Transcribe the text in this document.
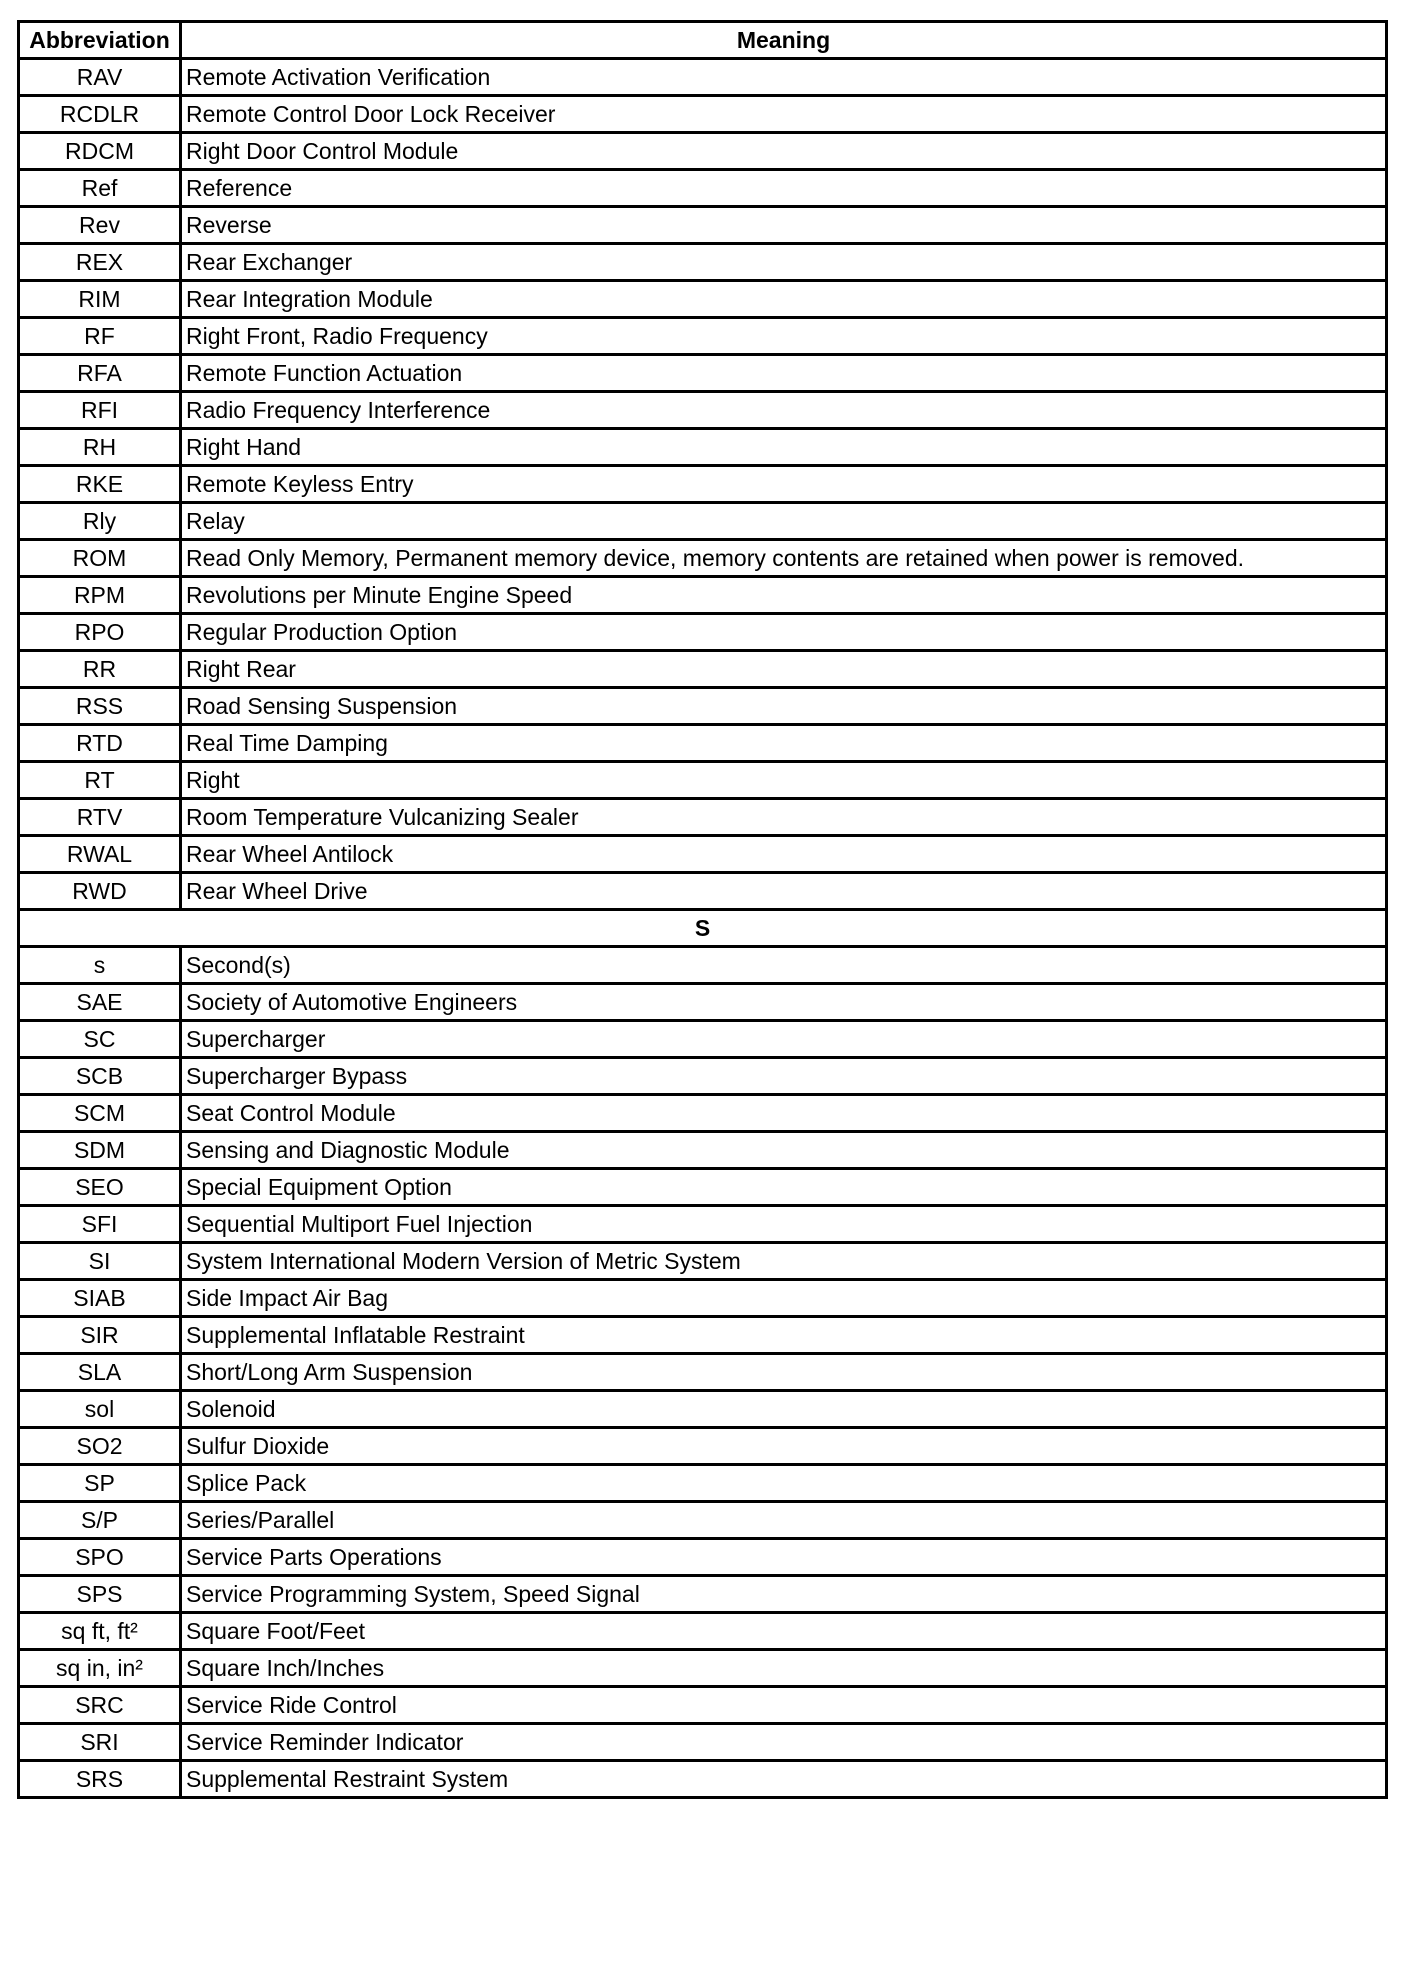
Abbreviation	Meaning
RAV	Remote Activation Verification
RCDLR	Remote Control Door Lock Receiver
RDCM	Right Door Control Module
Ref	Reference
Rev	Reverse
REX	Rear Exchanger
RIM	Rear Integration Module
RF	Right Front, Radio Frequency
RFA	Remote Function Actuation
RFI	Radio Frequency Interference
RH	Right Hand
RKE	Remote Keyless Entry
Rly	Relay
ROM	Read Only Memory, Permanent memory device, memory contents are retained when power is removed.
RPM	Revolutions per Minute Engine Speed
RPO	Regular Production Option
RR	Right Rear
RSS	Road Sensing Suspension
RTD	Real Time Damping
RT	Right
RTV	Room Temperature Vulcanizing Sealer
RWAL	Rear Wheel Antilock
RWD	Rear Wheel Drive
S	
s	Second(s)
SAE	Society of Automotive Engineers
SC	Supercharger
SCB	Supercharger Bypass
SCM	Seat Control Module
SDM	Sensing and Diagnostic Module
SEO	Special Equipment Option
SFI	Sequential Multiport Fuel Injection
SI	System International Modern Version of Metric System
SIAB	Side Impact Air Bag
SIR	Supplemental Inflatable Restraint
SLA	Short/Long Arm Suspension
sol	Solenoid
SO2	Sulfur Dioxide
SP	Splice Pack
S/P	Series/Parallel
SPO	Service Parts Operations
SPS	Service Programming System, Speed Signal
sq ft, ft²	Square Foot/Feet
sq in, in²	Square Inch/Inches
SRC	Service Ride Control
SRI	Service Reminder Indicator
SRS	Supplemental Restraint System
